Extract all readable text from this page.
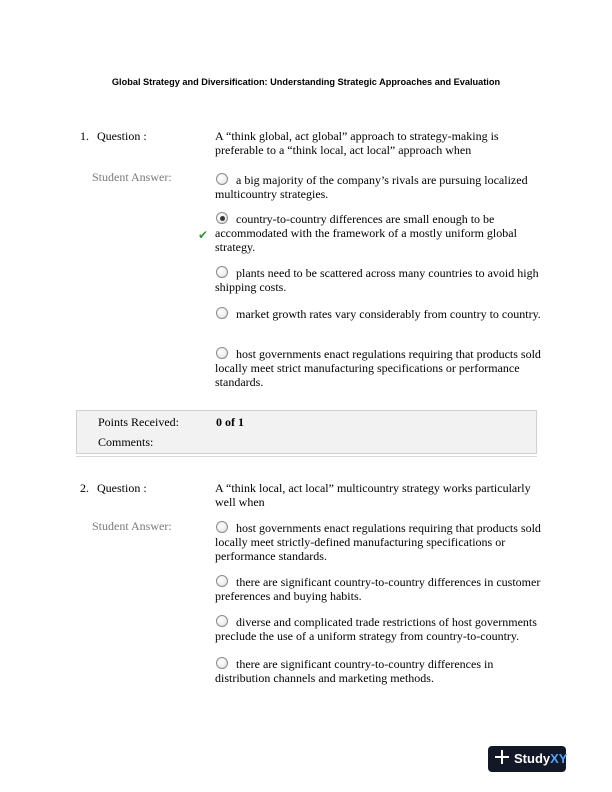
Global Strategy and Diversification: Understanding Strategic Approaches and Evaluation
1. Question :	A “think global, act global” approach to strategy-making is preferable to a “think local, act local” approach when
Student Answer:	a big majority of the company’s rivals are pursuing localized multicountry strategies.
✔
country-to-country differences are small enough to be accommodated with the framework of a mostly uniform global strategy.
plants need to be scattered across many countries to avoid high shipping costs.
market growth rates vary considerably from country to country.
host governments enact regulations requiring that products sold locally meet strict manufacturing specifications or performance standards.
Points Received:	0 of 1
Comments:
2. Question :	A “think local, act local” multicountry strategy works particularly well when
Student Answer:	host governments enact regulations requiring that products sold locally meet strictly-defined manufacturing specifications or performance standards.
there are significant country-to-country differences in customer preferences and buying habits.
diverse and complicated trade restrictions of host governments preclude the use of a uniform strategy from country-to-country.
there are significant country-to-country differences in distribution channels and marketing methods.
StudyXY
